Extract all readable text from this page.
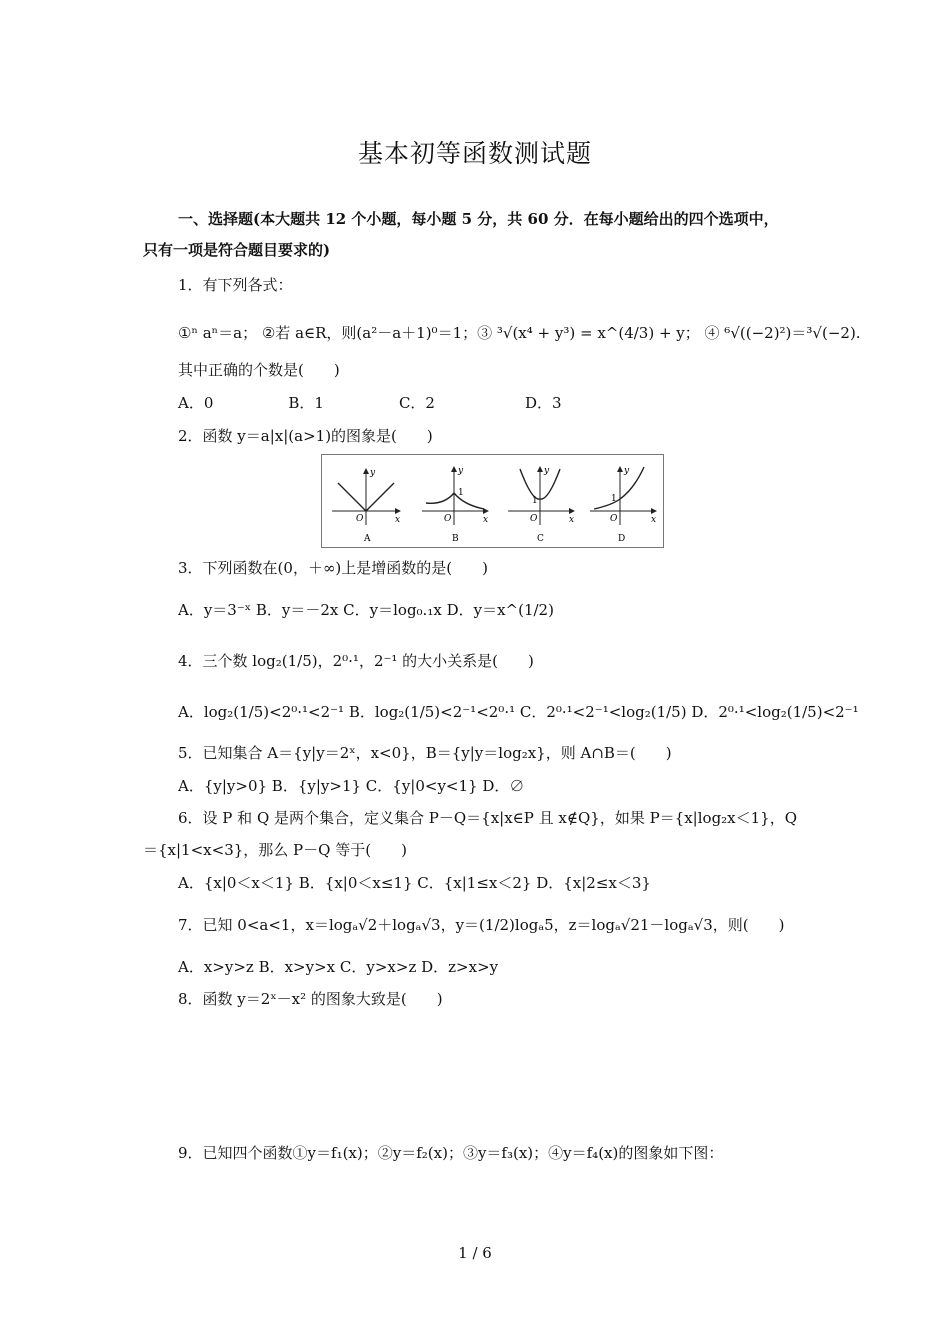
基本初等函数测试题
一、选择题(本大题共 12 个小题，每小题 5 分，共 60 分．在每小题给出的四个选项中，
只有一项是符合题目要求的)
1．有下列各式：
①ⁿ aⁿ＝a； ②若 a∈R，则(a²－a＋1)⁰＝1；③ ³√(x⁴ + y³) = x^(4/3) + y； ④ ⁶√((−2)²)＝³√(−2).
其中正确的个数是(　　)
A．0　　　　　B．1　　　　　C．2　　　　　　D．3
2．函数 y＝a|x|(a>1)的图象是(　　)
y
x
O
A
y
x
O
1
B
y
x
O
1
C
y
x
O
1
D
3．下列函数在(0，＋∞)上是增函数的是(　　)
A．y＝3⁻ˣ B．y＝－2x C．y＝log₀.₁x D．y＝x^(1/2)
4．三个数 log₂(1/5)，2⁰·¹，2⁻¹ 的大小关系是(　　)
A．log₂(1/5)<2⁰·¹<2⁻¹ B．log₂(1/5)<2⁻¹<2⁰·¹ C．2⁰·¹<2⁻¹<log₂(1/5) D．2⁰·¹<log₂(1/5)<2⁻¹
5．已知集合 A＝{y|y＝2ˣ，x<0}，B＝{y|y＝log₂x}，则 A∩B＝(　　)
A．{y|y>0} B．{y|y>1} C．{y|0<y<1} D．∅
6．设 P 和 Q 是两个集合，定义集合 P－Q＝{x|x∈P 且 x∉Q}，如果 P＝{x|log₂x＜1}，Q
＝{x|1<x<3}，那么 P－Q 等于(　　)
A．{x|0＜x＜1} B．{x|0＜x≤1} C．{x|1≤x＜2} D．{x|2≤x＜3}
7．已知 0<a<1，x＝logₐ√2＋logₐ√3，y＝(1/2)logₐ5，z＝logₐ√21－logₐ√3，则(　　)
A．x>y>z B．x>y>x C．y>x>z D．z>x>y
8．函数 y＝2ˣ－x² 的图象大致是(　　)
9．已知四个函数①y＝f₁(x)；②y＝f₂(x)；③y＝f₃(x)；④y＝f₄(x)的图象如下图：
1 / 6
